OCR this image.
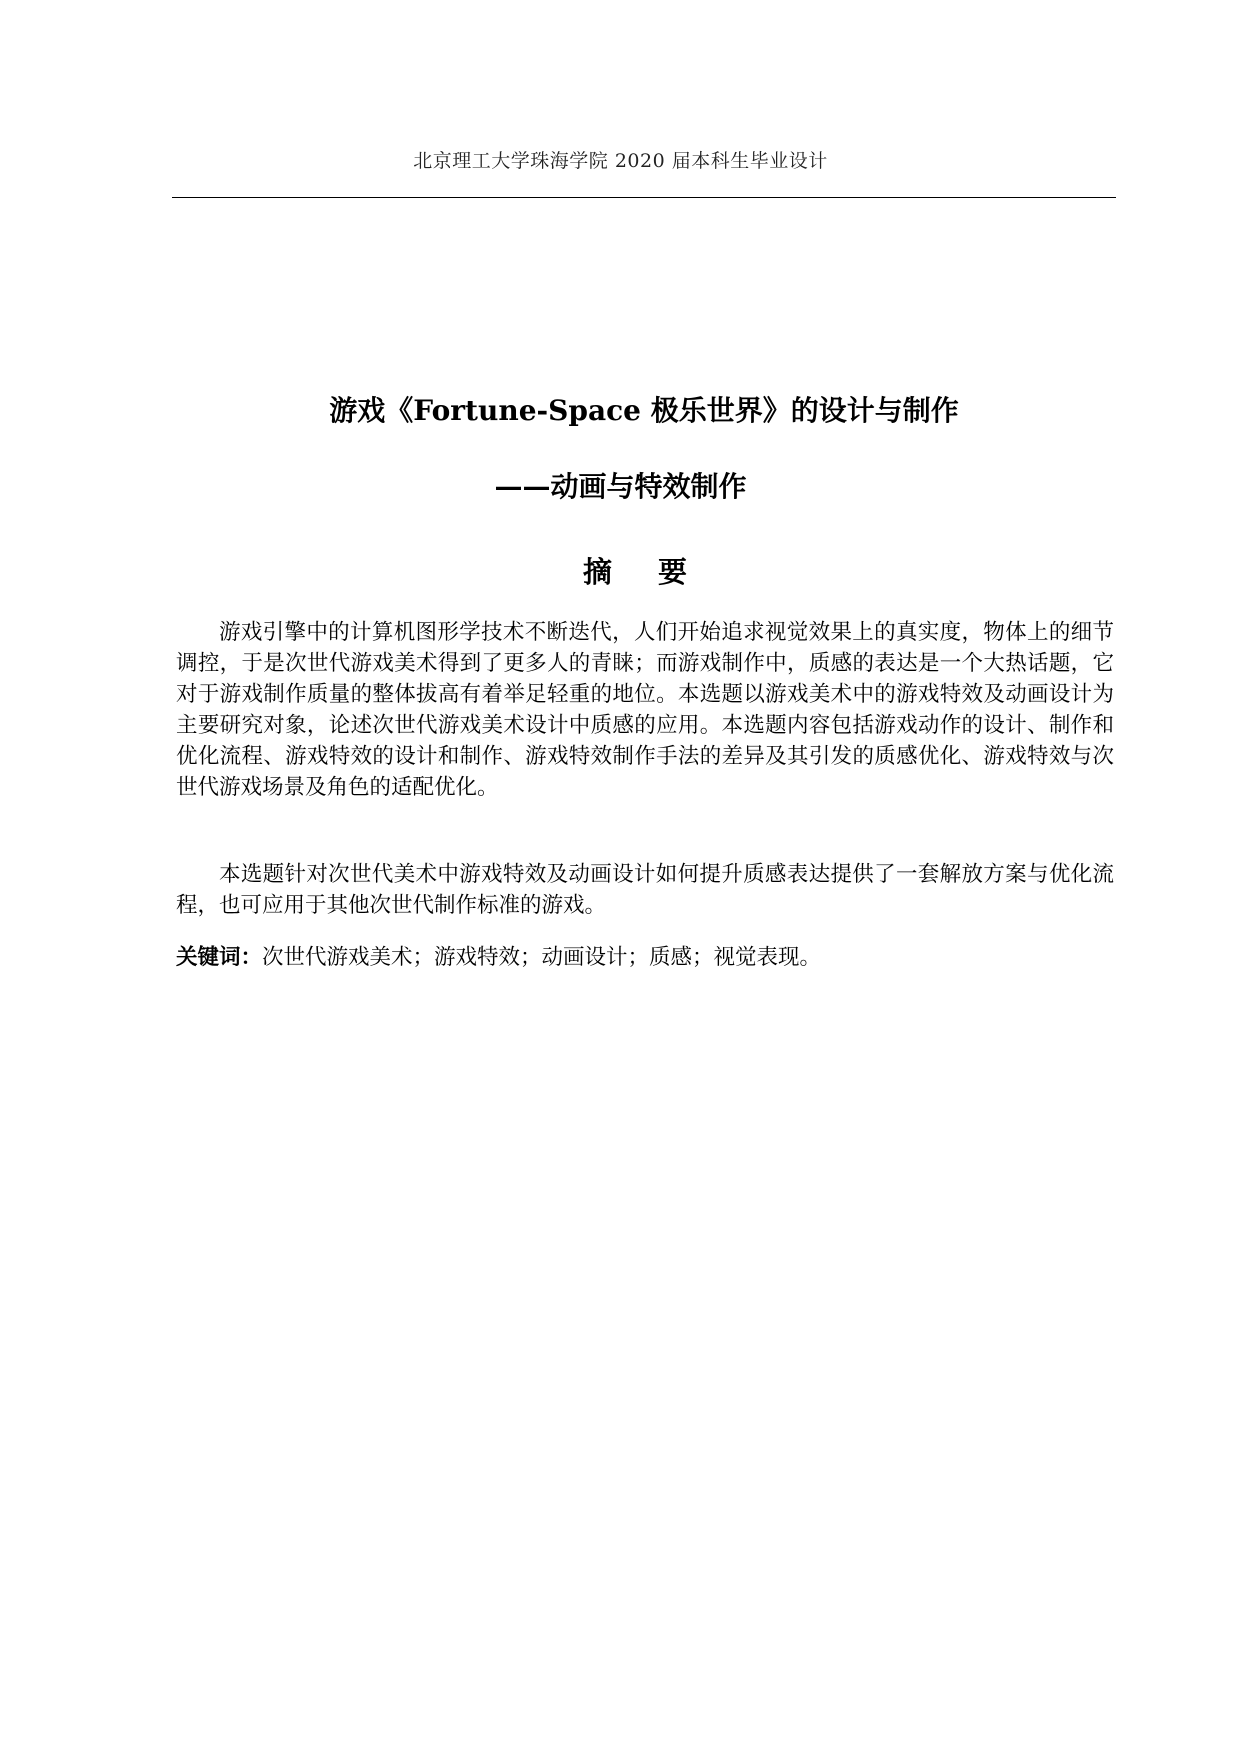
北京理工大学珠海学院 2020 届本科生毕业设计
游戏《Fortune-Space 极乐世界》的设计与制作
——动画与特效制作
摘 要
游戏引擎中的计算机图形学技术不断迭代，人们开始追求视觉效果上的真实度，物体上的细节调控，于是次世代游戏美术得到了更多人的青睐；而游戏制作中，质感的表达是一个大热话题，它对于游戏制作质量的整体拔高有着举足轻重的地位。本选题以游戏美术中的游戏特效及动画设计为主要研究对象，论述次世代游戏美术设计中质感的应用。本选题内容包括游戏动作的设计、制作和优化流程、游戏特效的设计和制作、游戏特效制作手法的差异及其引发的质感优化、游戏特效与次世代游戏场景及角色的适配优化。
本选题针对次世代美术中游戏特效及动画设计如何提升质感表达提供了一套解放方案与优化流程，也可应用于其他次世代制作标准的游戏。
关键词：次世代游戏美术；游戏特效；动画设计；质感；视觉表现。
